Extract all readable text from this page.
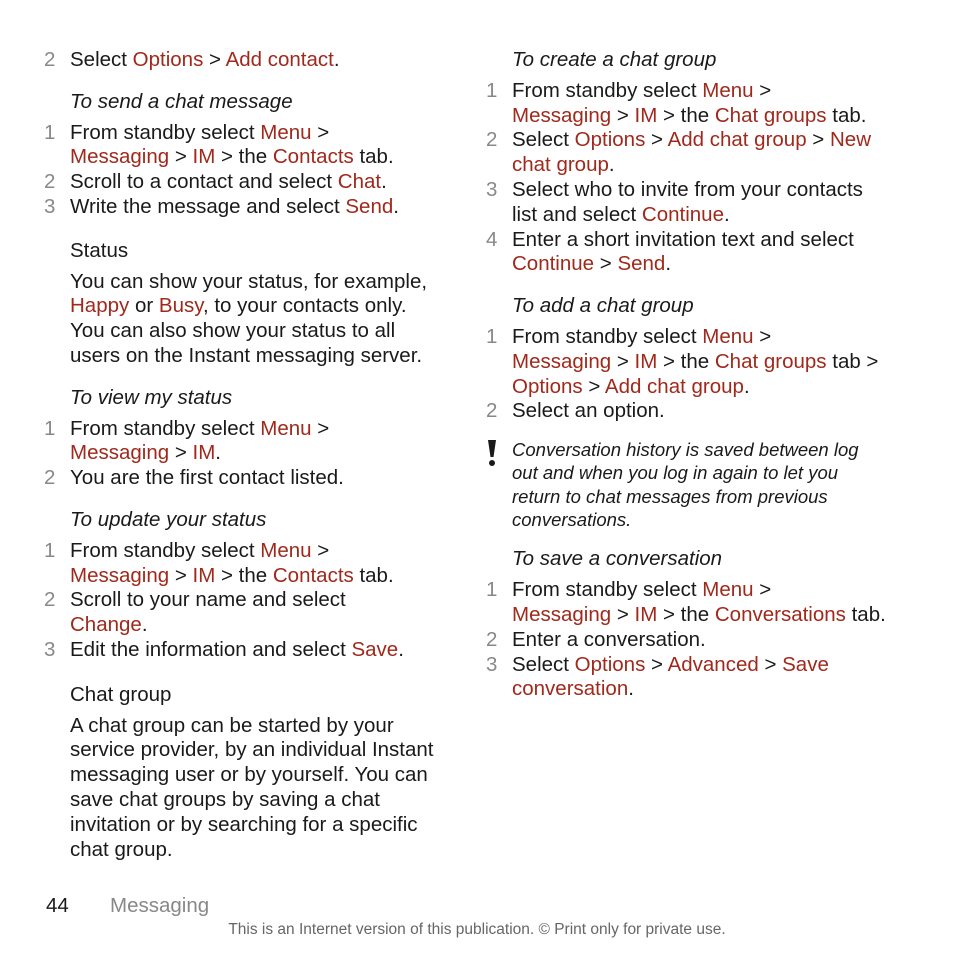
2 Select Options > Add contact.
To send a chat message
1 From standby select Menu >
Messaging > IM > the Contacts tab.
2 Scroll to a contact and select Chat.
3 Write the message and select Send.
Status
You can show your status, for example,
Happy or Busy, to your contacts only. You can also show your status to all users on the Instant messaging server.
To view my status
1 From standby select Menu >
Messaging > IM.
2 You are the first contact listed.
To update your status
1 From standby select Menu >
Messaging > IM > the Contacts tab.
2 Scroll to your name and select
Change.
3 Edit the information and select Save.
Chat group
A chat group can be started by your service provider, by an individual Instant messaging user or by yourself. You can save chat groups by saving a chat invitation or by searching for a specific chat group.
To create a chat group
1 From standby select Menu >
Messaging > IM > the Chat groups tab.
2 Select Options > Add chat group > New chat group.
3 Select who to invite from your contacts list and select Continue.
4 Enter a short invitation text and select
Continue > Send.
To add a chat group
1 From standby select Menu >
Messaging > IM > the Chat groups tab > Options > Add chat group.
2 Select an option.
Conversation history is saved between log out and when you log in again to let you return to chat messages from previous conversations.
To save a conversation
1 From standby select Menu >
Messaging > IM > the Conversations tab.
2 Enter a conversation.
3 Select Options > Advanced > Save conversation.
44 Messaging
This is an Internet version of this publication. © Print only for private use.
